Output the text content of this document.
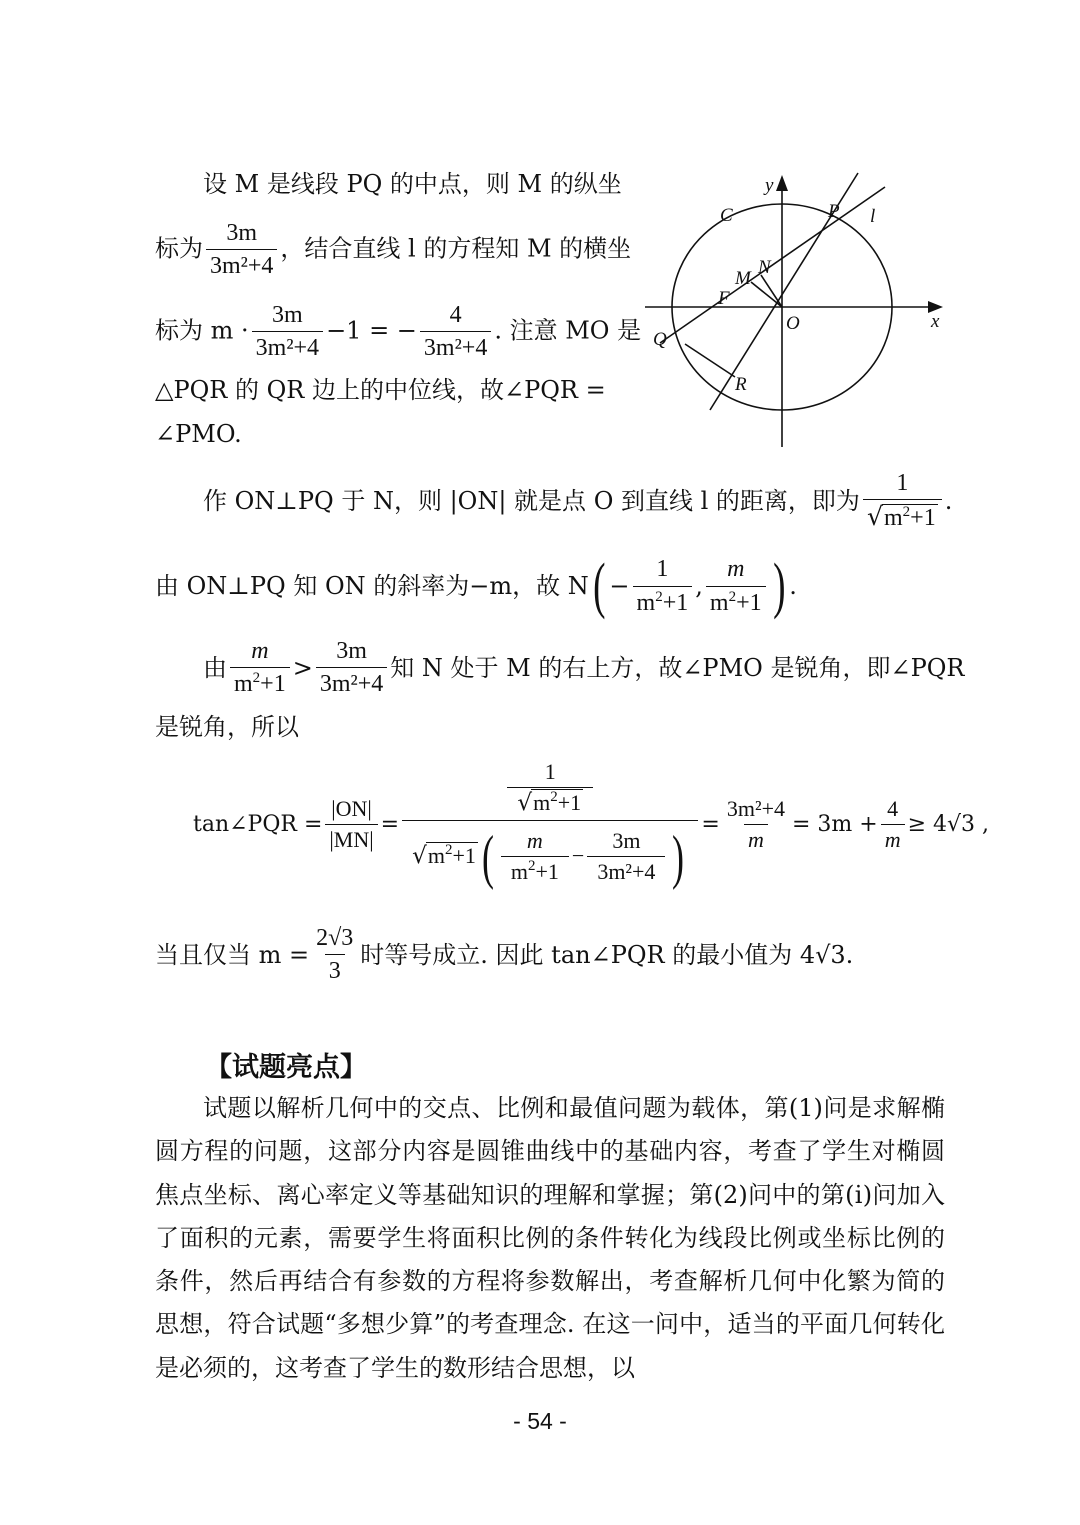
设 M 是线段 PQ 的中点，则 M 的纵坐
标为 $\frac{3m}{\text{3m²+4}}$ ，结合直线 l 的方程知 M 的横坐
标为 $m \cdot \frac{3m}{\text{3m²+4}} -1$ = − $\frac{4}{\text{3m²+4}}$ . 注意 MO 是
△PQR 的 QR 边上的中位线，故∠PQR =
∠PMO.
y
x
C	P l
M
N
F
O
Q
R
作 ON⊥PQ 于 N，则 |ON| 就是点 O 到直线 l 的距离，即为 $\frac{1}{√m^2+1}$ .
由 ON⊥PQ 知 ON 的斜率为−m，故 $N( - \frac{1}{m^2+1}$ , $\frac{m}{m^2+1}$ ) .
由 $\frac{m}{m^2+1} > \frac{3m}{\text{3m²+4}}$ 知 N 处于 M 的右上方，故∠PMO 是锐角，即∠PQR
是锐角，所以
tan∠PQR = $\frac{|ON|}{|MN|}$ =
$\frac{1}{√m^2+1}$
$√m^2+1$ ( $\frac{m}{m^2+1} - \frac{3m}{\text{3m²+4}}$ ) = $\frac{\text{3m²+4}}{m} = 3m + \frac{4}{m} \ge 4√3$ ,
当且仅当 $m = \frac{2√3}{3}$ 时等号成立. 因此 tan∠PQR 的最小值为 4√3.
【试题亮点】

试题以解析几何中的交点、比例和最值问题为载体，第(1)问是求解椭圆方程的问题，这部分内容是圆锥曲线中的基础内容，考查了学生对椭圆焦点坐标、离心率定义等基础知识的理解和掌握；第(2)问中的第(ⅰ)问加入了面积的元素，需要学生将面积比例的条件转化为线段比例或坐标比例的条件，然后再结合有参数的方程将参数解出，考查解析几何中化繁为简的思想，符合试题“多想少算”的考查理念. 在这一问中，适当的平面几何转化是必须的，这考查了学生的数形结合思想，以

- 54 -
